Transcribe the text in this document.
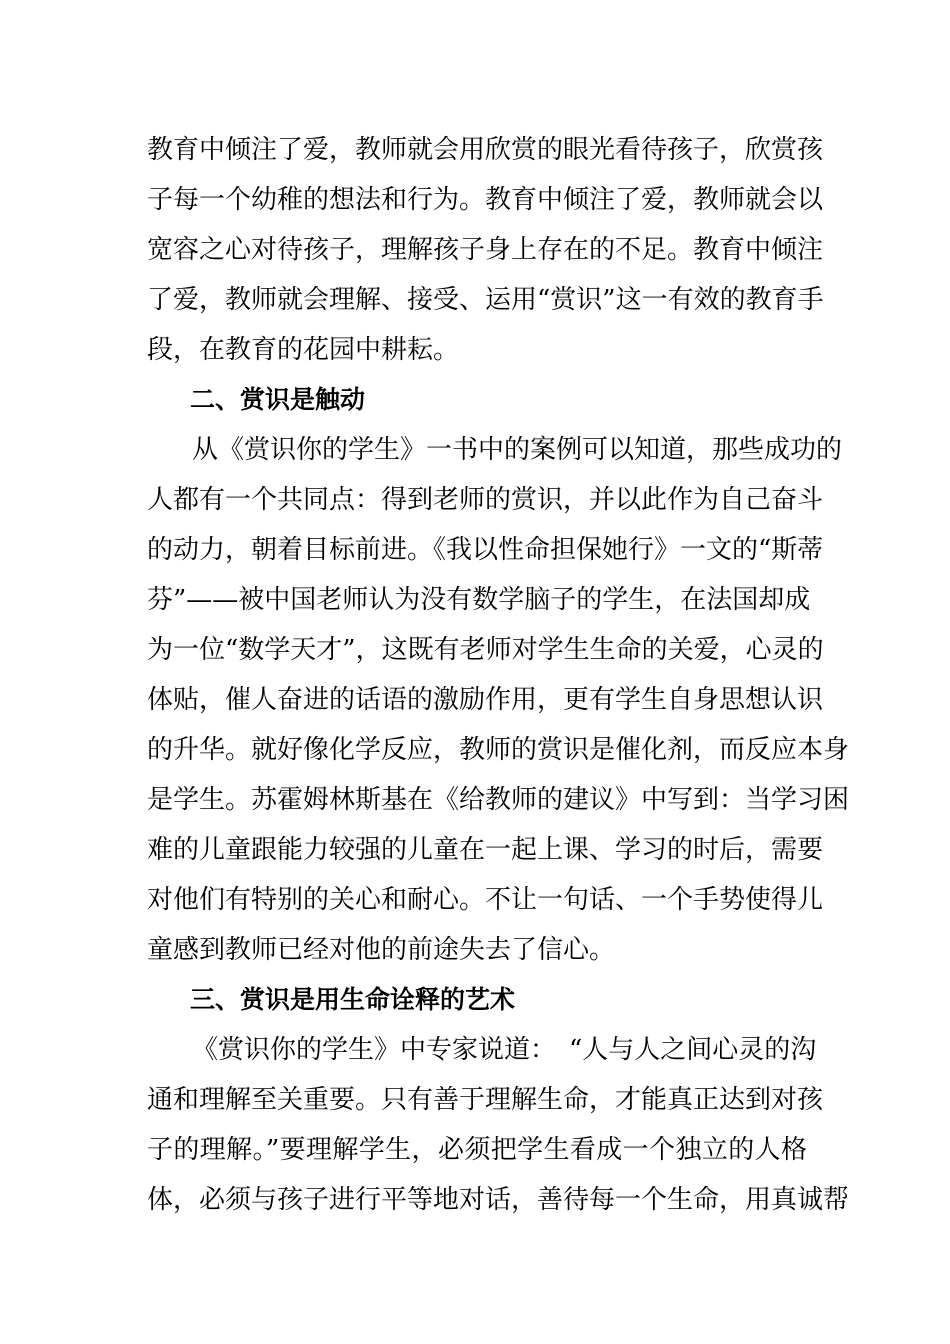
教育中倾注了爱，教师就会用欣赏的眼光看待孩子，欣赏孩
子每一个幼稚的想法和行为。教育中倾注了爱，教师就会以
宽容之心对待孩子，理解孩子身上存在的不足。教育中倾注
了爱，教师就会理解、接受、运用“赏识”这一有效的教育手
段，在教育的花园中耕耘。
二、赏识是触动
从《赏识你的学生》一书中的案例可以知道，那些成功的
人都有一个共同点：得到老师的赏识，并以此作为自己奋斗
的动力，朝着目标前进。《我以性命担保她行》一文的“斯蒂
芬”——被中国老师认为没有数学脑子的学生，在法国却成
为一位“数学天才”，这既有老师对学生生命的关爱，心灵的
体贴，催人奋进的话语的激励作用，更有学生自身思想认识
的升华。就好像化学反应，教师的赏识是催化剂，而反应本身
是学生。苏霍姆林斯基在《给教师的建议》中写到：当学习困
难的儿童跟能力较强的儿童在一起上课、学习的时后，需要
对他们有特别的关心和耐心。不让一句话、一个手势使得儿
童感到教师已经对他的前途失去了信心。
三、赏识是用生命诠释的艺术
《赏识你的学生》中专家说道：　“人与人之间心灵的沟
通和理解至关重要。只有善于理解生命，才能真正达到对孩
子的理解。”要理解学生，必须把学生看成一个独立的人格
体，必须与孩子进行平等地对话，善待每一个生命，用真诚帮
